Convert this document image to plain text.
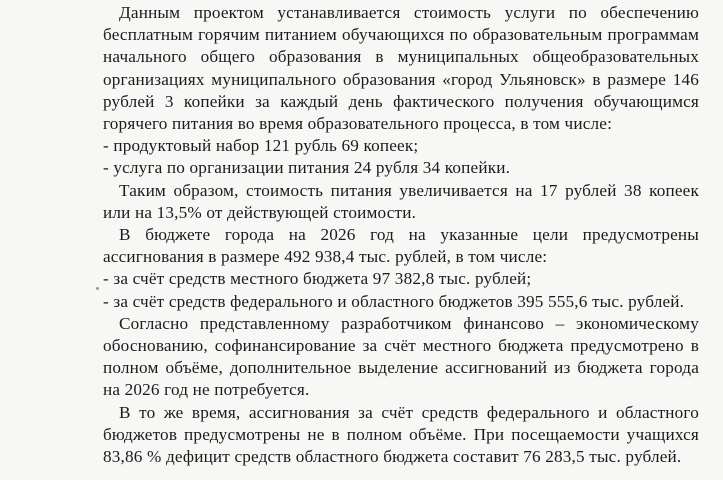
Данным проектом устанавливается стоимость услуги по обеспечению бесплатным горячим питанием обучающихся по образовательным программам начального общего образования в муниципальных общеобразовательных организациях муниципального образования «город Ульяновск» в размере 146 рублей 3 копейки за каждый день фактического получения обучающимся горячего питания во время образовательного процесса, в том числе:

- продуктовый набор 121 рубль 69 копеек;

- услуга по организации питания 24 рубля 34 копейки.

Таким образом, стоимость питания увеличивается на 17 рублей 38 копеек или на 13,5% от действующей стоимости.

В бюджете города на 2026 год на указанные цели предусмотрены ассигнования в размере 492 938,4 тыс. рублей, в том числе:

- за счёт средств местного бюджета 97 382,8 тыс. рублей;

- за счёт средств федерального и областного бюджетов 395 555,6 тыс. рублей.

Согласно представленному разработчиком финансово – экономическому обоснованию, софинансирование за счёт местного бюджета предусмотрено в полном объёме, дополнительное выделение ассигнований из бюджета города на 2026 год не потребуется.

В то же время, ассигнования за счёт средств федерального и областного бюджетов предусмотрены не в полном объёме. При посещаемости учащихся 83,86 % дефицит средств областного бюджета составит 76 283,5 тыс. рублей.
